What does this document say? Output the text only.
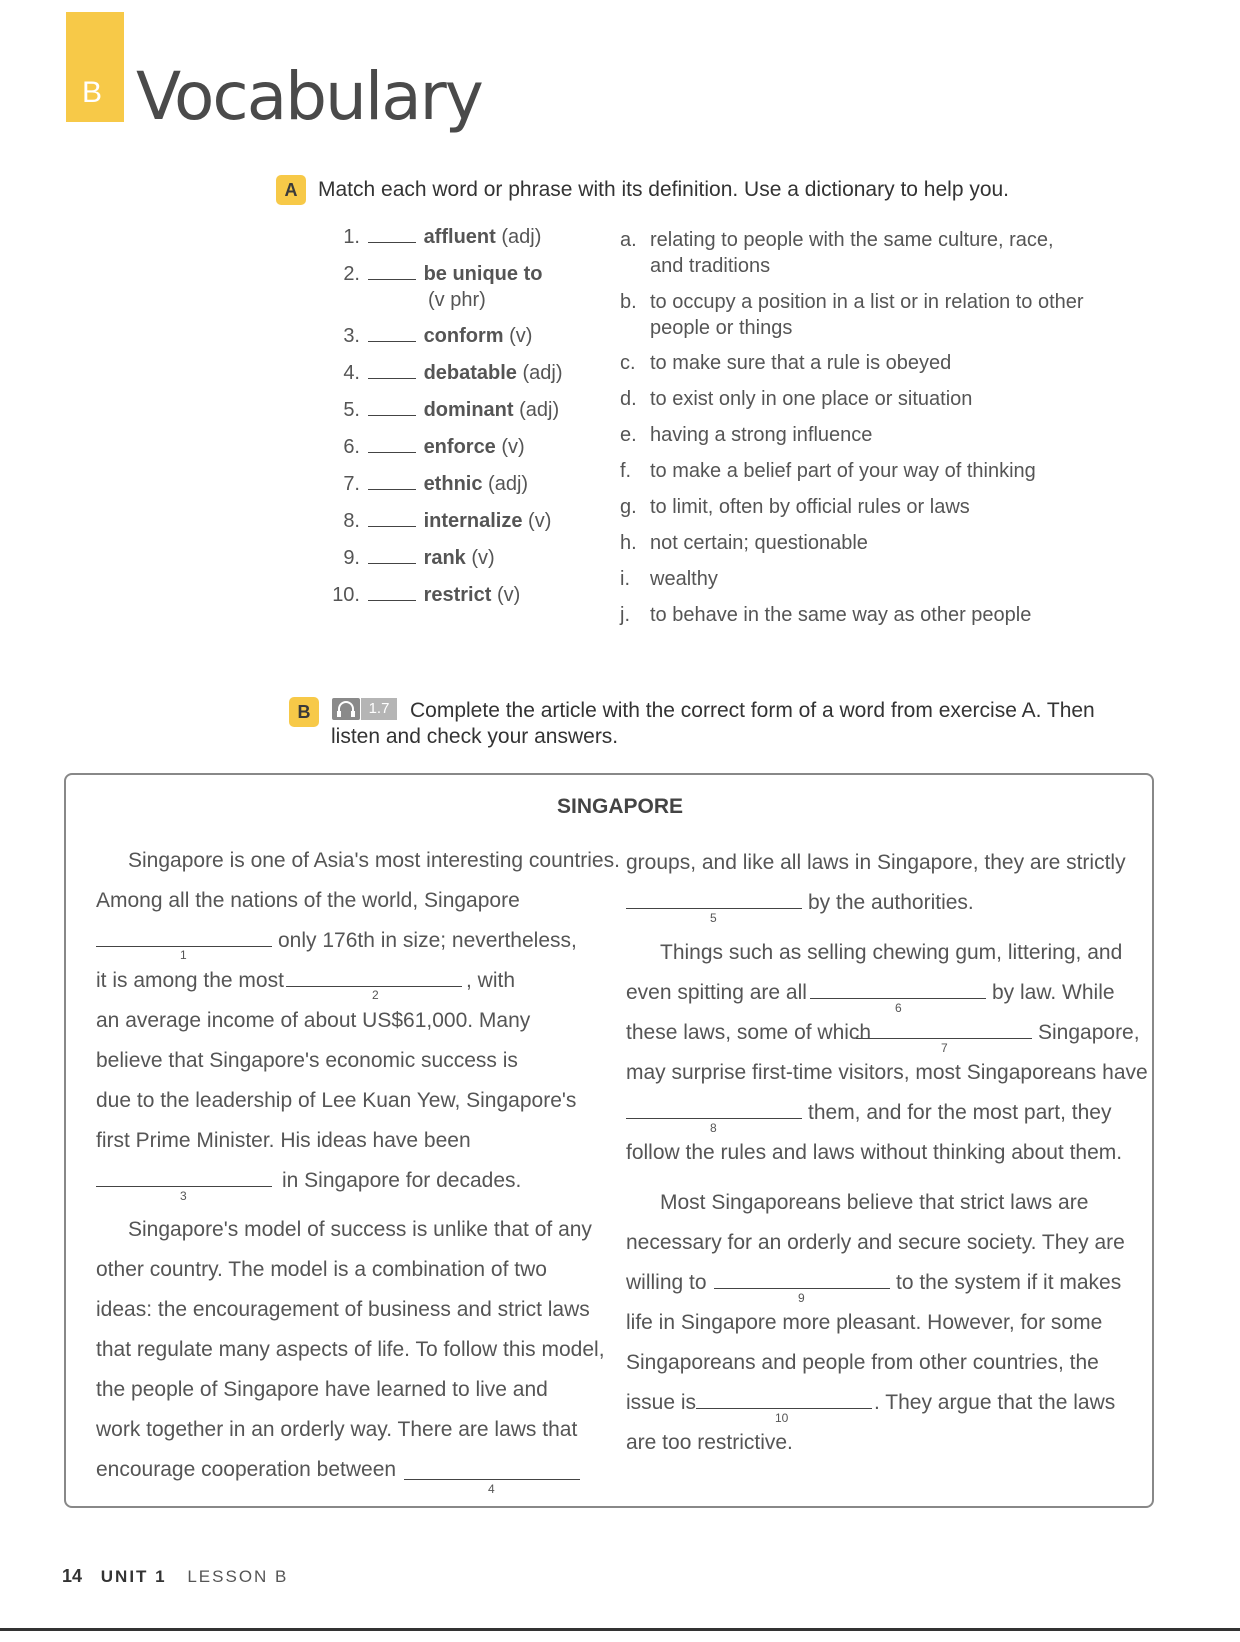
B Vocabulary
A Match each word or phrase with its definition. Use a dictionary to help you.
1.	affluent (adj)
2.	be unique to
(v phr)
3.	conform (v)
4.	debatable (adj)
5.	dominant (adj)
6.	enforce (v)
7.	ethnic (adj)
8.	internalize (v)
9.	rank (v)
10.	restrict (v)
a. relating to people with the same culture, race, and traditions
b. to occupy a position in a list or in relation to other people or things
c. to make sure that a rule is obeyed
d. to exist only in one place or situation
e. having a strong influence
f. to make a belief part of your way of thinking
g. to limit, often by official rules or laws
h. not certain; questionable
i. wealthy
j. to behave in the same way as other people
B	1.7 Complete the article with the correct form of a word from exercise A. Then
listen and check your answers.
SINGAPORE
Singapore is one of Asia's most interesting countries.
Among all the nations of the world, Singapore
1
only 176th in size; nevertheless,
it is among the most
2
, with
an average income of about US$61,000. Many
believe that Singapore's economic success is
due to the leadership of Lee Kuan Yew, Singapore's
first Prime Minister. His ideas have been
3
in Singapore for decades.
Singapore's model of success is unlike that of any
other country. The model is a combination of two
ideas: the encouragement of business and strict laws
that regulate many aspects of life. To follow this model,
the people of Singapore have learned to live and
work together in an orderly way. There are laws that
encourage cooperation between
4
groups, and like all laws in Singapore, they are strictly
5
by the authorities.
Things such as selling chewing gum, littering, and
even spitting are all
6
by law. While
these laws, some of which
7
Singapore,
may surprise first-time visitors, most Singaporeans have
8
them, and for the most part, they
follow the rules and laws without thinking about them.
Most Singaporeans believe that strict laws are
necessary for an orderly and secure society. They are
willing to
9
to the system if it makes
life in Singapore more pleasant. However, for some
Singaporeans and people from other countries, the
issue is
10
. They argue that the laws
are too restrictive.
14 UNIT 1 LESSON B
